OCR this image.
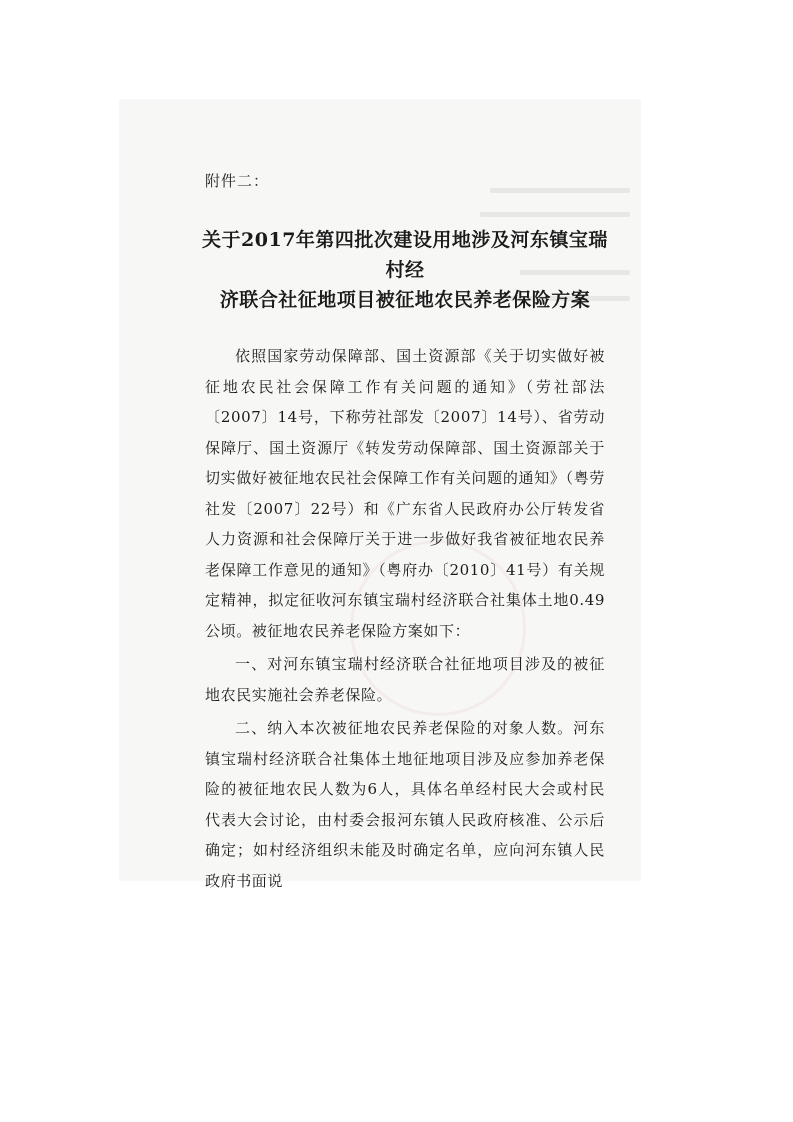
附件二：

关于2017年第四批次建设用地涉及河东镇宝瑞村经
济联合社征地项目被征地农民养老保险方案

依照国家劳动保障部、国土资源部《关于切实做好被征地农民社会保障工作有关问题的通知》（劳社部法〔2007〕14号，下称劳社部发〔2007〕14号）、省劳动保障厅、国土资源厅《转发劳动保障部、国土资源部关于切实做好被征地农民社会保障工作有关问题的通知》（粤劳社发〔2007〕22号）和《广东省人民政府办公厅转发省人力资源和社会保障厅关于进一步做好我省被征地农民养老保障工作意见的通知》（粤府办〔2010〕41号）有关规定精神，拟定征收河东镇宝瑞村经济联合社集体土地0.49公顷。被征地农民养老保险方案如下：

一、对河东镇宝瑞村经济联合社征地项目涉及的被征地农民实施社会养老保险。

二、纳入本次被征地农民养老保险的对象人数。河东镇宝瑞村经济联合社集体土地征地项目涉及应参加养老保险的被征地农民人数为6人，具体名单经村民大会或村民代表大会讨论，由村委会报河东镇人民政府核准、公示后确定；如村经济组织未能及时确定名单，应向河东镇人民政府书面说
